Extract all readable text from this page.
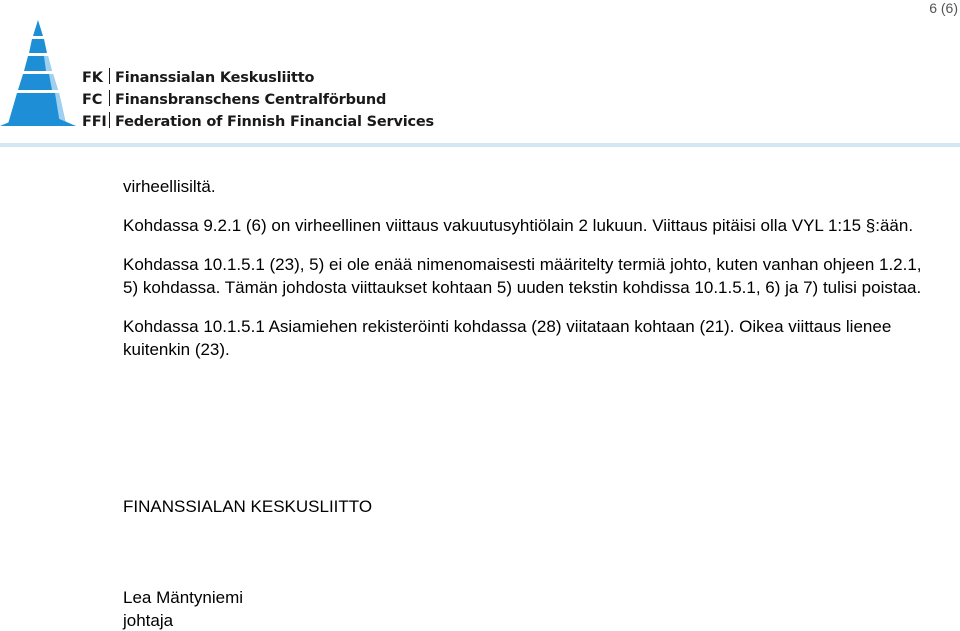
6 (6)
FK Finanssialan Keskusliitto
FC Finansbranschens Centralförbund
FFI Federation of Finnish Financial Services

virheellisiltä.

Kohdassa 9.2.1 (6) on virheellinen viittaus vakuutusyhtiölain 2 lukuun. Viittaus pitäisi olla VYL 1:15 §:ään.

Kohdassa 10.1.5.1 (23), 5) ei ole enää nimenomaisesti määritelty termiä johto, kuten vanhan ohjeen 1.2.1, 5) kohdassa. Tämän johdosta viittaukset kohtaan 5) uuden tekstin kohdissa 10.1.5.1, 6) ja 7) tulisi poistaa.

Kohdassa 10.1.5.1 Asiamiehen rekisteröinti kohdassa (28) viitataan kohtaan (21). Oikea viittaus lienee kuitenkin (23).

FINANSSIALAN KESKUSLIITTO
Lea Mäntyniemi
johtaja
